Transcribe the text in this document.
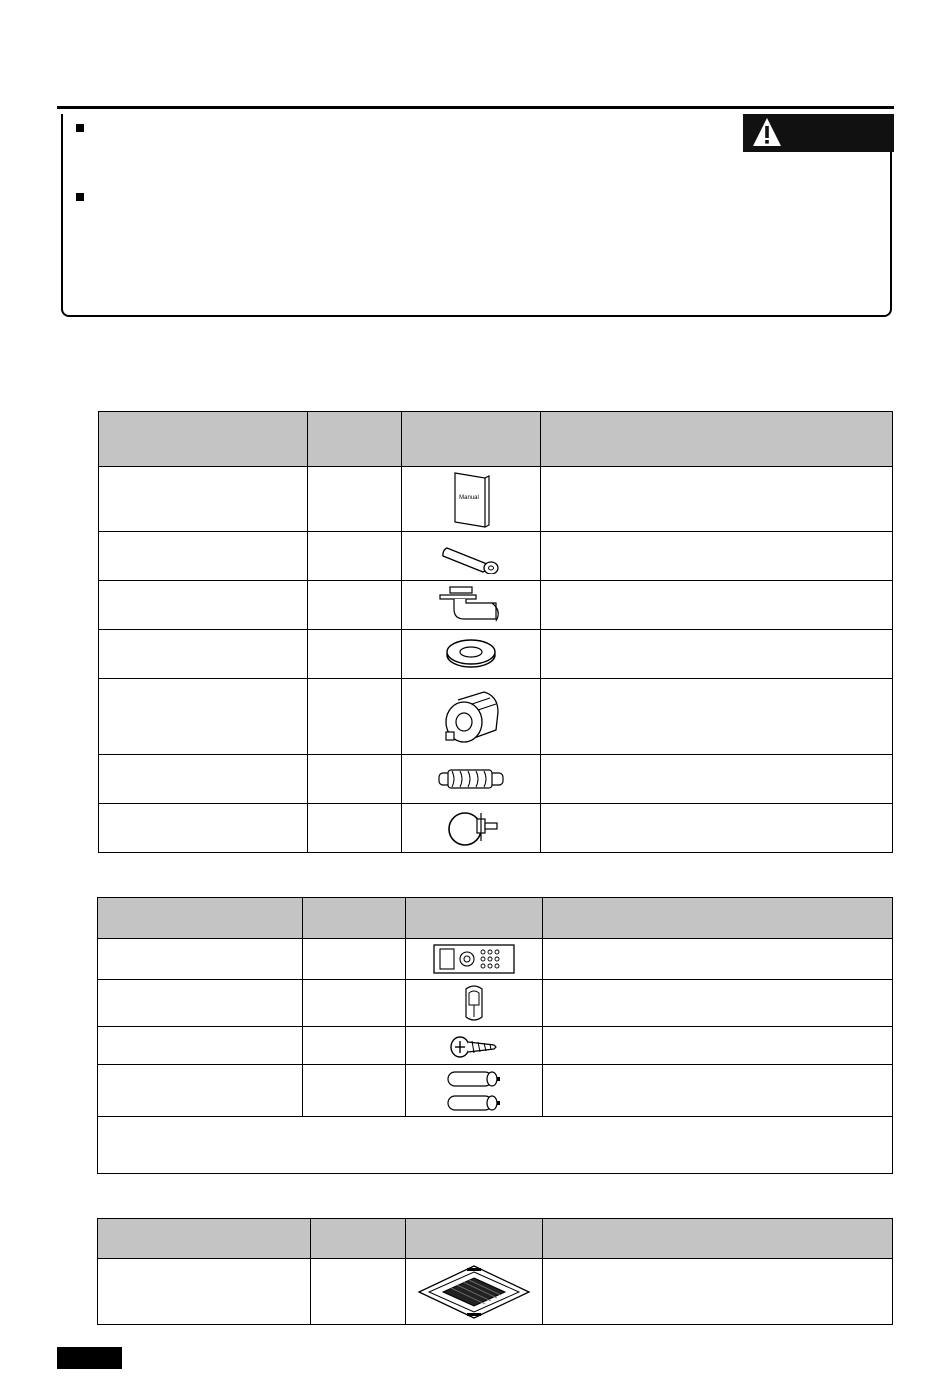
Manual	
